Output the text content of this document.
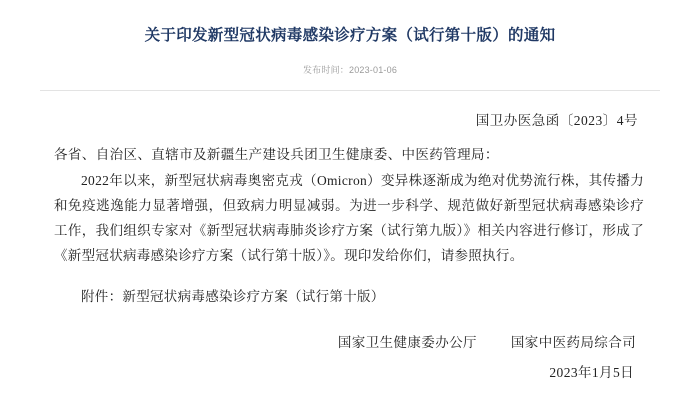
关于印发新型冠状病毒感染诊疗方案（试行第十版）的通知
发布时间：2023-01-06
国卫办医急函〔2023〕4号
各省、自治区、直辖市及新疆生产建设兵团卫生健康委、中医药管理局：

2022年以来，新型冠状病毒奥密克戎（Omicron）变异株逐渐成为绝对优势流行株，其传播力和免疫逃逸能力显著增强，但致病力明显减弱。为进一步科学、规范做好新型冠状病毒感染诊疗工作，我们组织专家对《新型冠状病毒肺炎诊疗方案（试行第九版）》相关内容进行修订，形成了《新型冠状病毒感染诊疗方案（试行第十版）》。现印发给你们，请参照执行。

附件：新型冠状病毒感染诊疗方案（试行第十版）
国家卫生健康委办公厅	国家中医药局综合司
2023年1月5日
